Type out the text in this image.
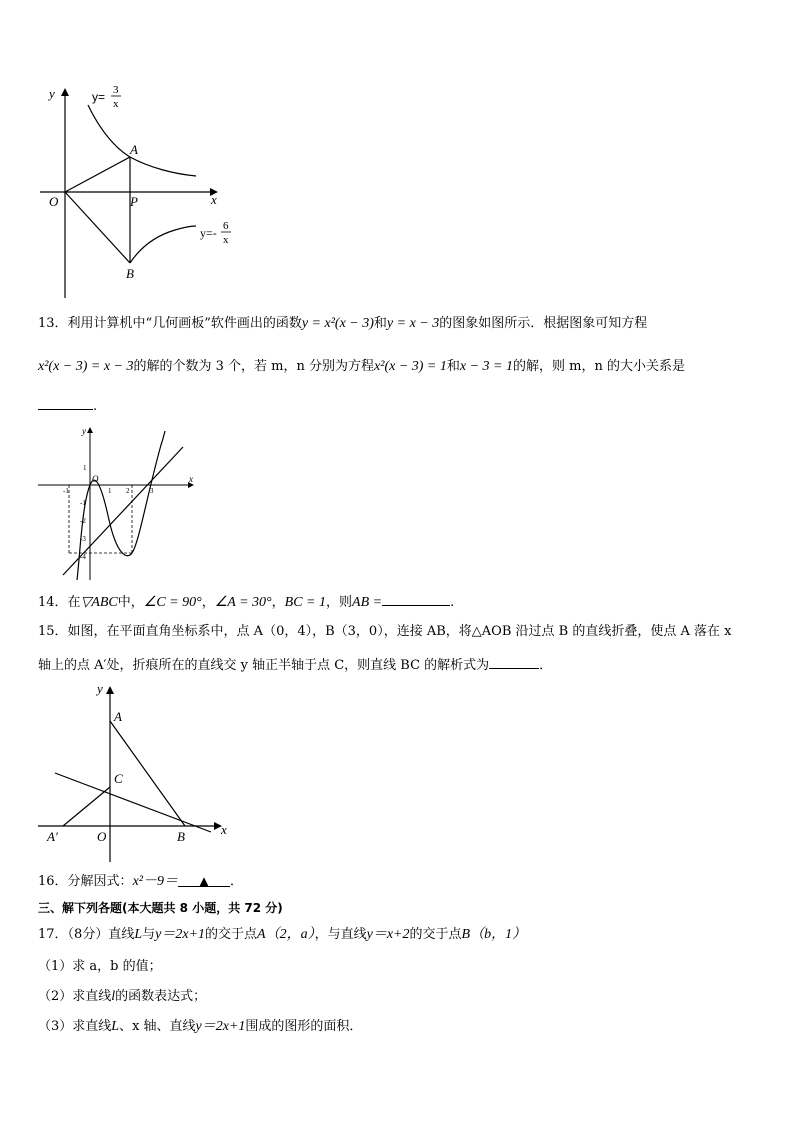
y
x
O
A
P
B
y= 3
x
y=- 6
x
13．利用计算机中“几何画板”软件画出的函数y = x²(x − 3)和y = x − 3的图象如图所示．根据图象可知方程
x²(x − 3) = x − 3的解的个数为 3 个，若 m，n 分别为方程x²(x − 3) = 1和x − 3 = 1的解，则 m，n 的大小关系是
.
y
x
O
-1	1 2	3
1
-1
-2
-3
-4
14．在▽ABC中，∠C = 90°，∠A = 30°，BC = 1，则AB =	.
15．如图，在平面直角坐标系中，点 A（0，4），B（3，0），连接 AB，将△AOB 沿过点 B 的直线折叠，使点 A 落在 x
轴上的点 A′处，折痕所在的直线交 y 轴正半轴于点 C，则直线 BC 的解析式为	．
y
x
O
A
C
B
A′
16．分解因式：x²－9＝ ▲ ．
三、解下列各题(本大题共 8 小题，共 72 分)
17．（8分）直线L与y＝2x+1的交于点A（2，a），与直线y＝x+2的交于点B（b，1）
（1）求 a，b 的值；
（2）求直线l的函数表达式；
（3）求直线L、x 轴、直线y＝2x+1围成的图形的面积．
